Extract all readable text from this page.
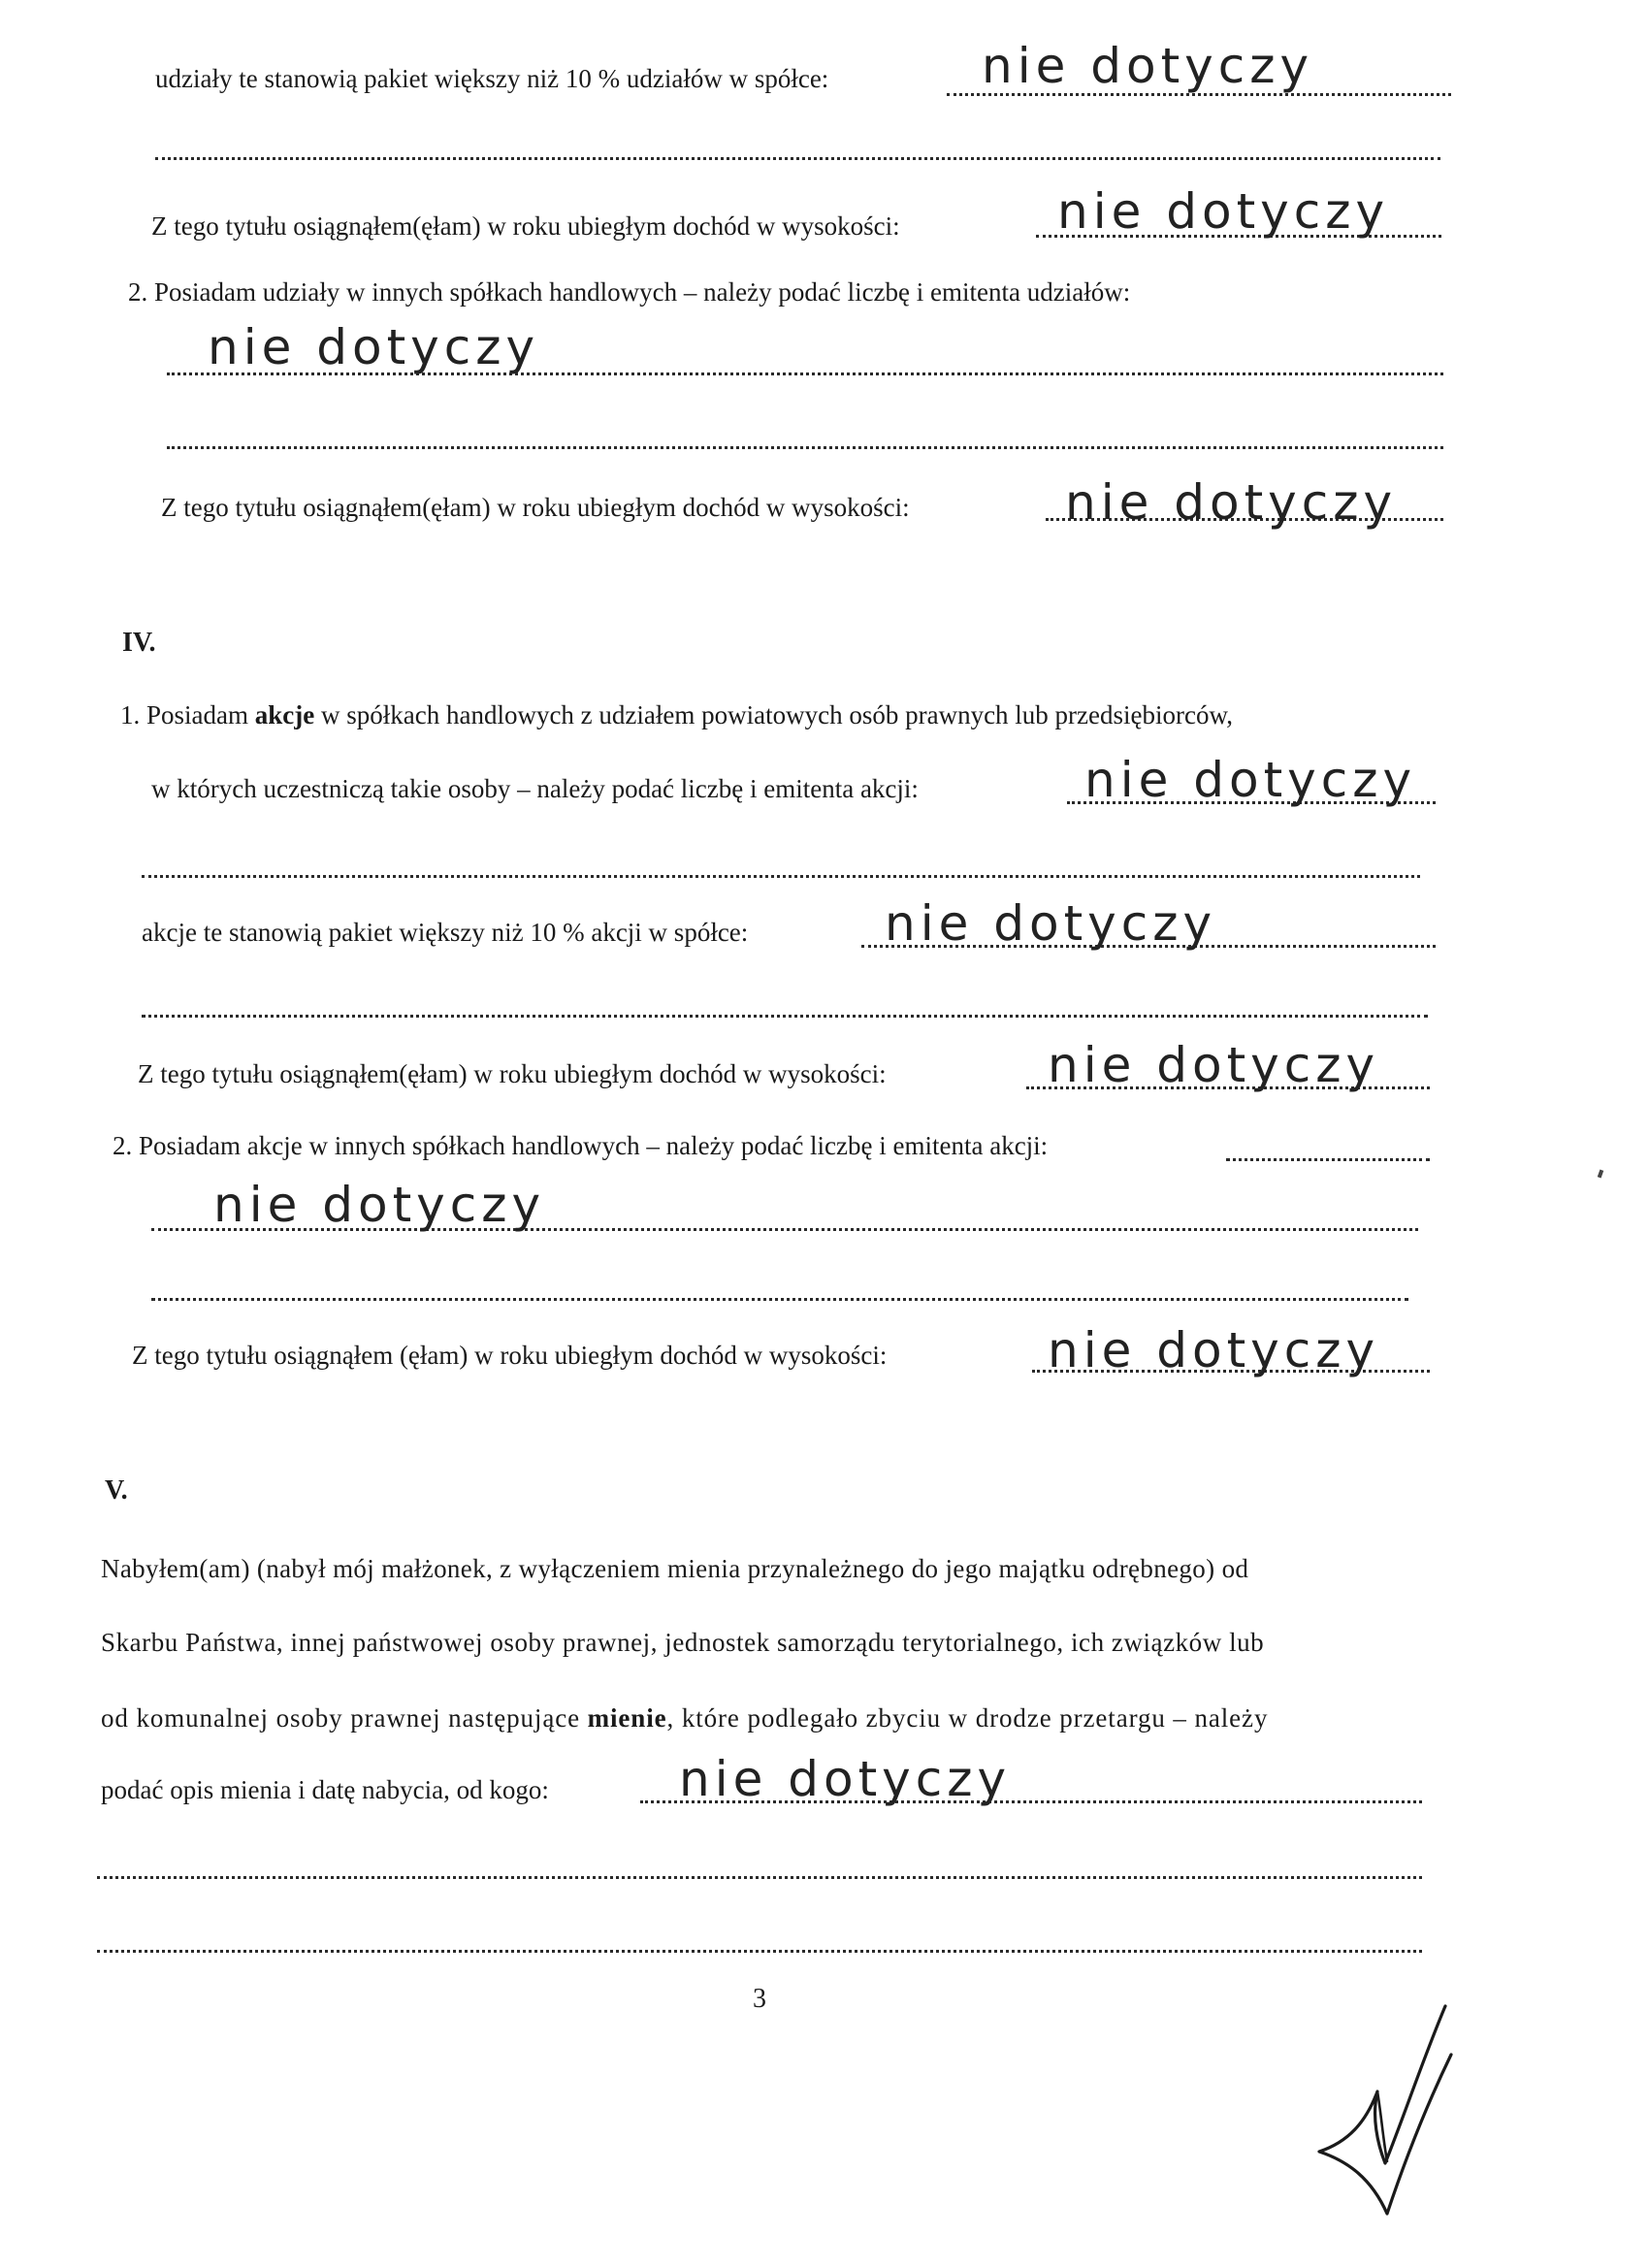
udziały te stanowią pakiet większy niż 10 % udziałów w spółce:	nie dotyczy
Z tego tytułu osiągnąłem(ęłam) w roku ubiegłym dochód w wysokości:	nie dotyczy
2. Posiadam udziały w innych spółkach handlowych – należy podać liczbę i emitenta udziałów:
nie dotyczy
Z tego tytułu osiągnąłem(ęłam) w roku ubiegłym dochód w wysokości:	nie dotyczy
IV.
1. Posiadam akcje w spółkach handlowych z udziałem powiatowych osób prawnych lub przedsiębiorców,
w których uczestniczą takie osoby – należy podać liczbę i emitenta akcji:	nie dotyczy
akcje te stanowią pakiet większy niż 10 % akcji w spółce:	nie dotyczy
Z tego tytułu osiągnąłem(ęłam) w roku ubiegłym dochód w wysokości:	nie dotyczy
2. Posiadam akcje w innych spółkach handlowych – należy podać liczbę i emitenta akcji:
nie dotyczy
Z tego tytułu osiągnąłem (ęłam) w roku ubiegłym dochód w wysokości:	nie dotyczy
V.
Nabyłem(am) (nabył mój małżonek, z wyłączeniem mienia przynależnego do jego majątku odrębnego) od
Skarbu Państwa, innej państwowej osoby prawnej, jednostek samorządu terytorialnego, ich związków lub
od komunalnej osoby prawnej następujące mienie, które podlegało zbyciu w drodze przetargu – należy
podać opis mienia i datę nabycia, od kogo:	nie dotyczy
3
